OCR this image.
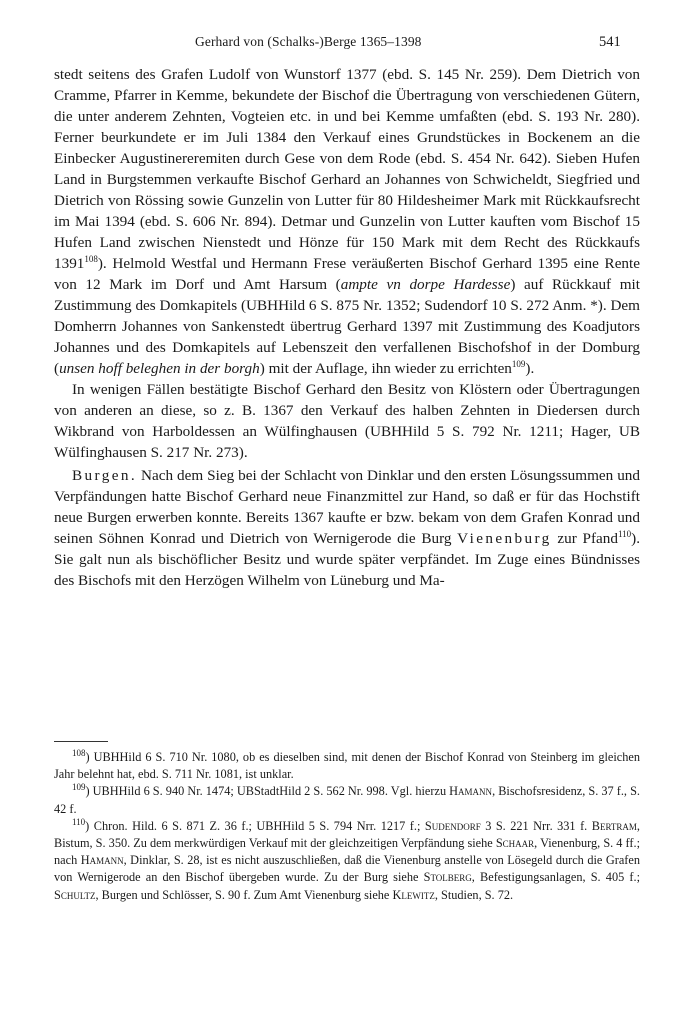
Gerhard von (Schalks-)Berge 1365–1398	541

stedt seitens des Grafen Ludolf von Wunstorf 1377 (ebd. S. 145 Nr. 259). Dem Dietrich von Cramme, Pfarrer in Kemme, bekundete der Bischof die Übertragung von verschiedenen Gütern, die unter anderem Zehnten, Vogteien etc. in und bei Kemme umfaßten (ebd. S. 193 Nr. 280). Ferner beurkundete er im Juli 1384 den Verkauf eines Grundstückes in Bockenem an die Einbecker Augustinereremiten durch Gese von dem Rode (ebd. S. 454 Nr. 642). Sieben Hufen Land in Burgstemmen verkaufte Bischof Gerhard an Johannes von Schwicheldt, Siegfried und Dietrich von Rössing sowie Gunzelin von Lutter für 80 Hildesheimer Mark mit Rückkaufsrecht im Mai 1394 (ebd. S. 606 Nr. 894). Detmar und Gunzelin von Lutter kauften vom Bischof 15 Hufen Land zwischen Nienstedt und Hönze für 150 Mark mit dem Recht des Rückkaufs 1391$^{108}$). Helmold Westfal und Hermann Frese veräußerten Bischof Gerhard 1395 eine Rente von 12 Mark im Dorf und Amt Harsum (ampte vn dorpe Hardesse) auf Rückkauf mit Zustimmung des Domkapitels (UBHHild 6 S. 875 Nr. 1352; Sudendorf 10 S. 272 Anm. *). Dem Domherrn Johannes von Sankenstedt übertrug Gerhard 1397 mit Zustimmung des Koadjutors Johannes und des Domkapitels auf Lebenszeit den verfallenen Bischofshof in der Domburg (unsen hoff beleghen in der borgh) mit der Auflage, ihn wieder zu errichten$^{109}$).

In wenigen Fällen bestätigte Bischof Gerhard den Besitz von Klöstern oder Übertragungen von anderen an diese, so z. B. 1367 den Verkauf des halben Zehnten in Diedersen durch Wikbrand von Harboldessen an Wülfinghausen (UBHHild 5 S. 792 Nr. 1211; Hager, UB Wülfinghausen S. 217 Nr. 273).

Burgen. Nach dem Sieg bei der Schlacht von Dinklar und den ersten Lösungssummen und Verpfändungen hatte Bischof Gerhard neue Finanzmittel zur Hand, so daß er für das Hochstift neue Burgen erwerben konnte. Bereits 1367 kaufte er bzw. bekam von dem Grafen Konrad und seinen Söhnen Konrad und Dietrich von Wernigerode die Burg Vienenburg zur Pfand$^{110}$). Sie galt nun als bischöflicher Besitz und wurde später verpfändet. Im Zuge eines Bündnisses des Bischofs mit den Herzögen Wilhelm von Lüneburg und Ma-

$^{108}$) UBHHild 6 S. 710 Nr. 1080, ob es dieselben sind, mit denen der Bischof Konrad von Steinberg im gleichen Jahr belehnt hat, ebd. S. 711 Nr. 1081, ist unklar.

$^{109}$) UBHHild 6 S. 940 Nr. 1474; UBStadtHild 2 S. 562 Nr. 998. Vgl. hierzu Hamann, Bischofsresidenz, S. 37 f., S. 42 f.

$^{110}$) Chron. Hild. 6 S. 871 Z. 36 f.; UBHHild 5 S. 794 Nrr. 1217 f.; Sudendorf 3 S. 221 Nrr. 331 f. Bertram, Bistum, S. 350. Zu dem merkwürdigen Verkauf mit der gleichzeitigen Verpfändung siehe Schaar, Vienenburg, S. 4 ff.; nach Hamann, Dinklar, S. 28, ist es nicht auszuschließen, daß die Vienenburg anstelle von Lösegeld durch die Grafen von Wernigerode an den Bischof übergeben wurde. Zu der Burg siehe Stolberg, Befestigungsanlagen, S. 405 f.; Schultz, Burgen und Schlösser, S. 90 f. Zum Amt Vienenburg siehe Klewitz, Studien, S. 72.
